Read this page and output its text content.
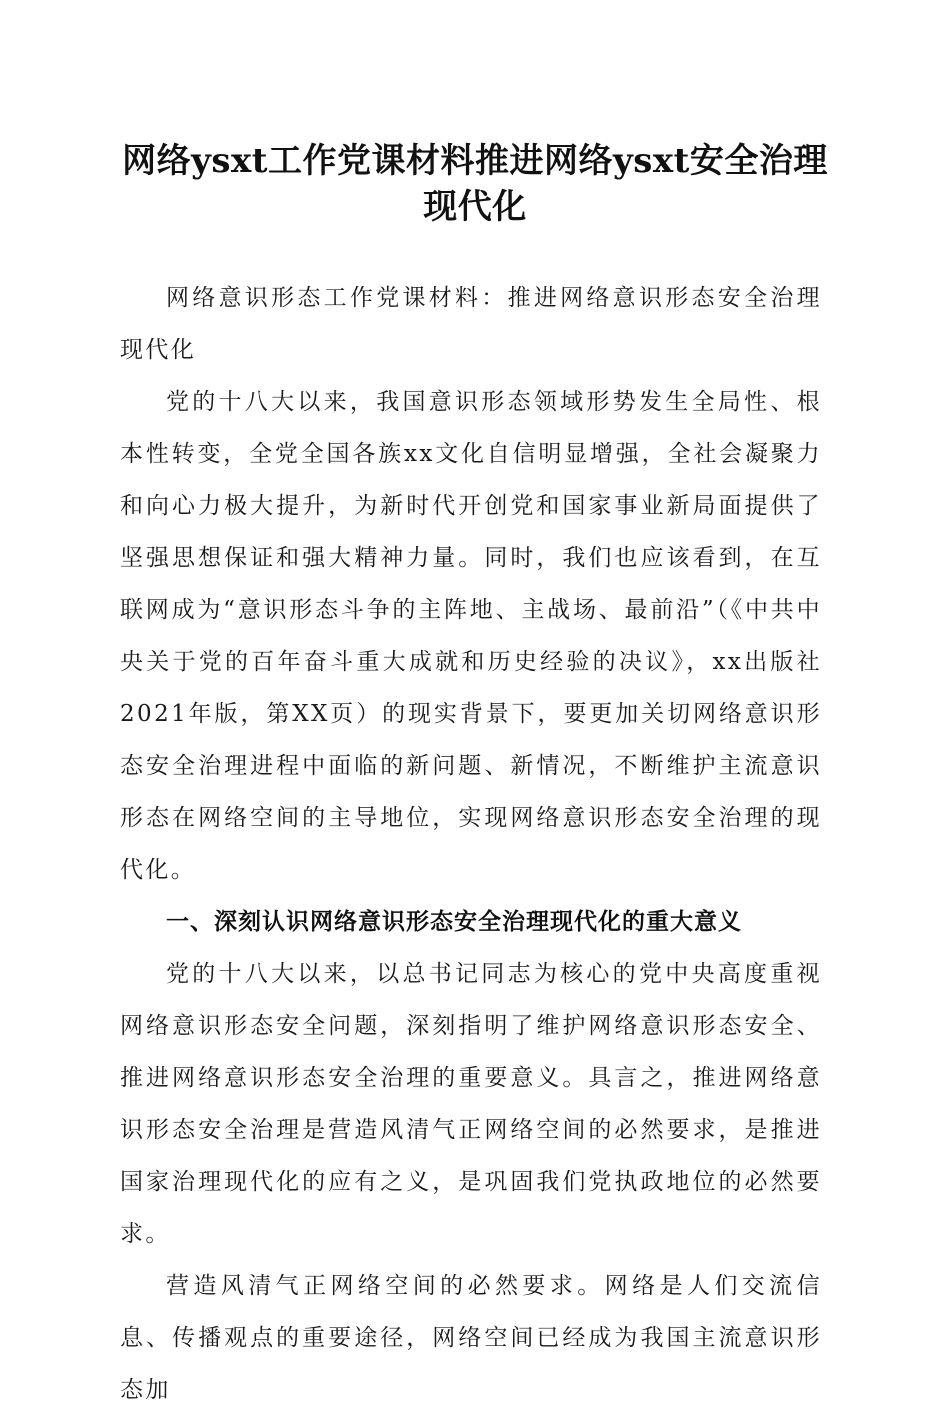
网络ysxt工作党课材料推进网络ysxt安全治理现代化

网络意识形态工作党课材料：推进网络意识形态安全治理现代化

党的十八大以来，我国意识形态领域形势发生全局性、根本性转变，全党全国各族xx文化自信明显增强，全社会凝聚力和向心力极大提升，为新时代开创党和国家事业新局面提供了坚强思想保证和强大精神力量。同时，我们也应该看到，在互联网成为“意识形态斗争的主阵地、主战场、最前沿”（《中共中央关于党的百年奋斗重大成就和历史经验的决议》，xx出版社2021年版，第XX页）的现实背景下，要更加关切网络意识形态安全治理进程中面临的新问题、新情况，不断维护主流意识形态在网络空间的主导地位，实现网络意识形态安全治理的现代化。

一、深刻认识网络意识形态安全治理现代化的重大意义

党的十八大以来，以总书记同志为核心的党中央高度重视网络意识形态安全问题，深刻指明了维护网络意识形态安全、推进网络意识形态安全治理的重要意义。具言之，推进网络意识形态安全治理是营造风清气正网络空间的必然要求，是推进国家治理现代化的应有之义，是巩固我们党执政地位的必然要求。

营造风清气正网络空间的必然要求。网络是人们交流信息、传播观点的重要途径，网络空间已经成为我国主流意识形态加
